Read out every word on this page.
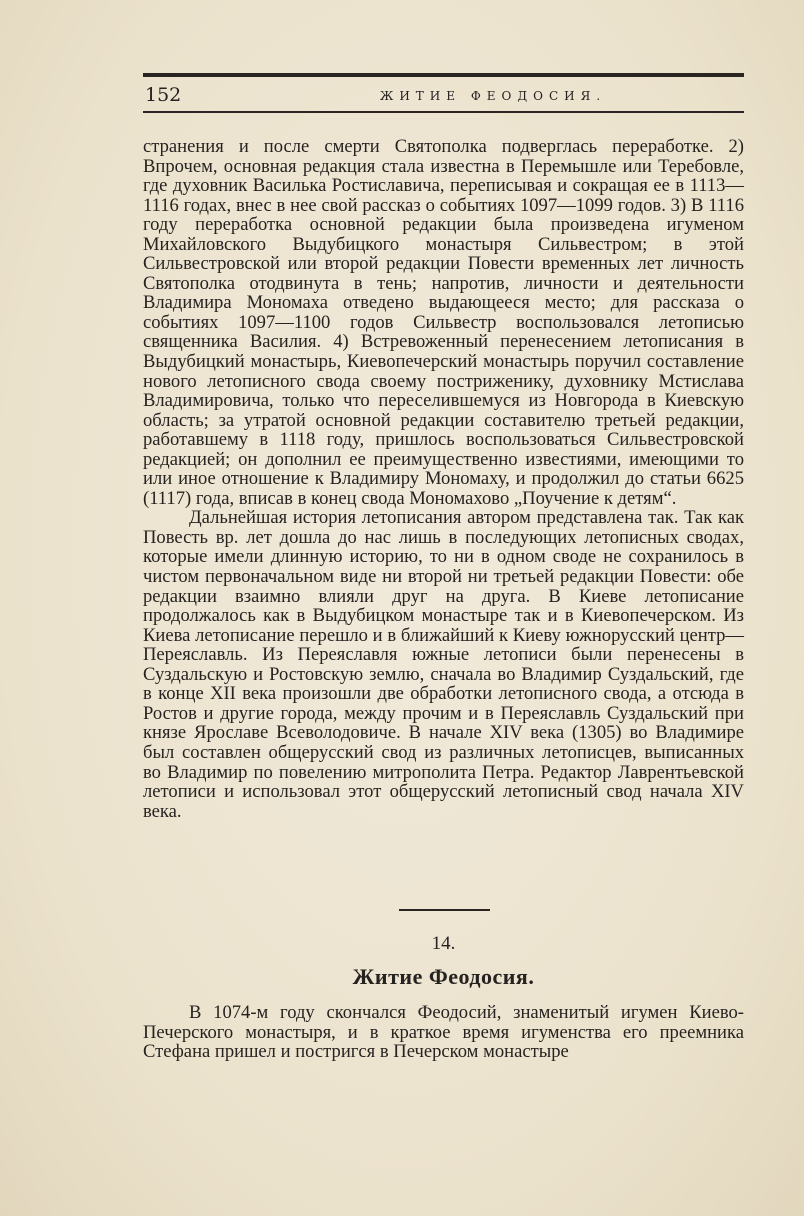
152	ЖИТИЕ ФЕОДОСИЯ.

странения и после смерти Святополка подверглась переработке. 2) Впрочем, основная редакция стала известна в Перемышле или Теребовле, где духовник Василька Ростиславича, переписывая и сокращая ее в 1113—1116 годах, внес в нее свой рассказ о событиях 1097—1099 годов. 3) В 1116 году переработка основной редакции была произведена игуменом Михайловского Выдубицкого монастыря Сильвестром; в этой Сильвестровской или второй редакции Повести временных лет личность Святополка отодвинута в тень; напротив, личности и деятельности Владимира Мономаха отведено выдающееся место; для рассказа о событиях 1097—1100 годов Сильвестр воспользовался летописью священника Василия. 4) Встревоженный перенесением летописания в Выдубицкий монастырь, Киевопечерский монастырь поручил составление нового летописного свода своему постриженику, духовнику Мстислава Владимировича, только что переселившемуся из Новгорода в Киевскую область; за утратой основной редакции составителю третьей редакции, работавшему в 1118 году, пришлось воспользоваться Сильвестровской редакцией; он дополнил ее преимущественно известиями, имеющими то или иное отношение к Владимиру Мономаху, и продолжил до статьи 6625 (1117) года, вписав в конец свода Мономахово „Поучение к детям“.

Дальнейшая история летописания автором представлена так. Так как Повесть вр. лет дошла до нас лишь в последующих летописных сводах, которые имели длинную историю, то ни в одном своде не сохранилось в чистом первоначальном виде ни второй ни третьей редакции Повести: обе редакции взаимно влияли друг на друга. В Киеве летописание продолжалось как в Выдубицком монастыре так и в Киевопечерском. Из Киева летописание перешло и в ближайший к Киеву южнорусский центр—Переяславль. Из Переяславля южные летописи были перенесены в Суздальскую и Ростовскую землю, сначала во Владимир Суздальский, где в конце XII века произошли две обработки летописного свода, а отсюда в Ростов и другие города, между прочим и в Переяславль Суздальский при князе Ярославе Всеволодовиче. В начале XIV века (1305) во Владимире был составлен общерусский свод из различных летописцев, выписанных во Владимир по повелению митрополита Петра. Редактор Лаврентьевской летописи и использовал этот общерусский летописный свод начала XIV века.

14.
Житие Феодосия.

В 1074-м году скончался Феодосий, знаменитый игумен Киево-Печерского монастыря, и в краткое время игуменства его преемника Стефана пришел и постригся в Печерском монастыре
